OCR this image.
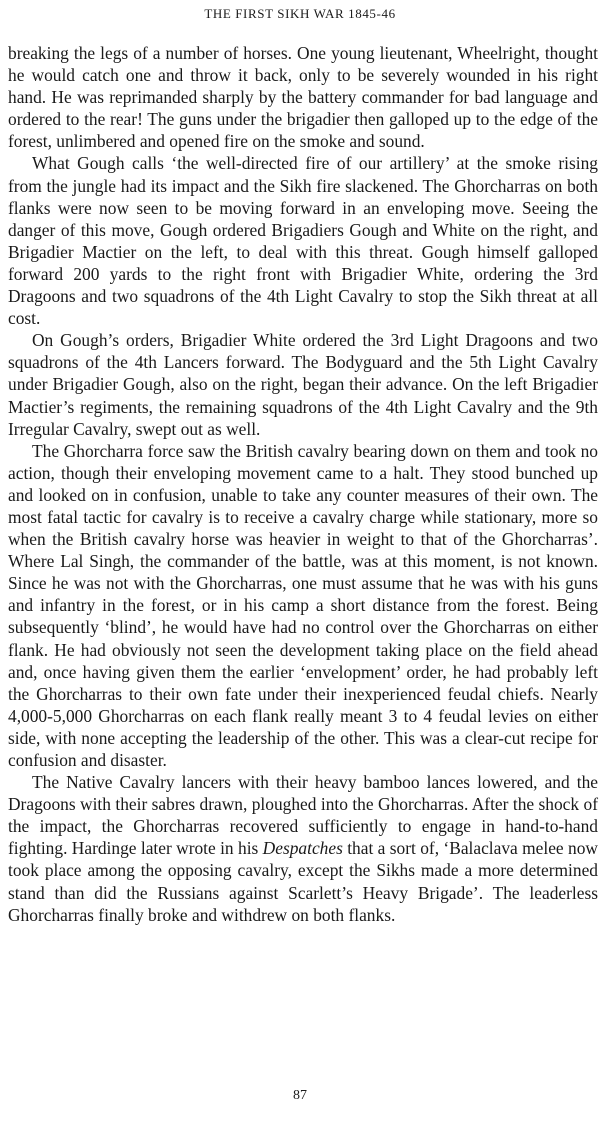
THE FIRST SIKH WAR 1845-46

breaking the legs of a number of horses. One young lieutenant, Wheelright, thought he would catch one and throw it back, only to be severely wounded in his right hand. He was reprimanded sharply by the battery commander for bad language and ordered to the rear! The guns under the brigadier then galloped up to the edge of the forest, unlimbered and opened fire on the smoke and sound.

What Gough calls ‘the well-directed fire of our artillery’ at the smoke rising from the jungle had its impact and the Sikh fire slackened. The Ghorcharras on both flanks were now seen to be moving forward in an enveloping move. Seeing the danger of this move, Gough ordered Brigadiers Gough and White on the right, and Brigadier Mactier on the left, to deal with this threat. Gough himself galloped forward 200 yards to the right front with Brigadier White, ordering the 3rd Dragoons and two squadrons of the 4th Light Cavalry to stop the Sikh threat at all cost.

On Gough’s orders, Brigadier White ordered the 3rd Light Dragoons and two squadrons of the 4th Lancers forward. The Bodyguard and the 5th Light Cavalry under Brigadier Gough, also on the right, began their advance. On the left Brigadier Mactier’s regiments, the remaining squadrons of the 4th Light Cavalry and the 9th Irregular Cavalry, swept out as well.

The Ghorcharra force saw the British cavalry bearing down on them and took no action, though their enveloping movement came to a halt. They stood bunched up and looked on in confusion, unable to take any counter measures of their own. The most fatal tactic for cavalry is to receive a cavalry charge while stationary, more so when the British cavalry horse was heavier in weight to that of the Ghorcharras’. Where Lal Singh, the commander of the battle, was at this moment, is not known. Since he was not with the Ghorcharras, one must assume that he was with his guns and infantry in the forest, or in his camp a short distance from the forest. Being subsequently ‘blind’, he would have had no control over the Ghorcharras on either flank. He had obviously not seen the development taking place on the field ahead and, once having given them the earlier ‘envelopment’ order, he had probably left the Ghorcharras to their own fate under their inexperienced feudal chiefs. Nearly 4,000-5,000 Ghorcharras on each flank really meant 3 to 4 feudal levies on either side, with none accepting the leadership of the other. This was a clear-cut recipe for confusion and disaster.

The Native Cavalry lancers with their heavy bamboo lances lowered, and the Dragoons with their sabres drawn, ploughed into the Ghorcharras. After the shock of the impact, the Ghorcharras recovered sufficiently to engage in hand-to-hand fighting. Hardinge later wrote in his Despatches that a sort of, ‘Balaclava melee now took place among the opposing cavalry, except the Sikhs made a more determined stand than did the Russians against Scarlett’s Heavy Brigade’. The leaderless Ghorcharras finally broke and withdrew on both flanks.

87
